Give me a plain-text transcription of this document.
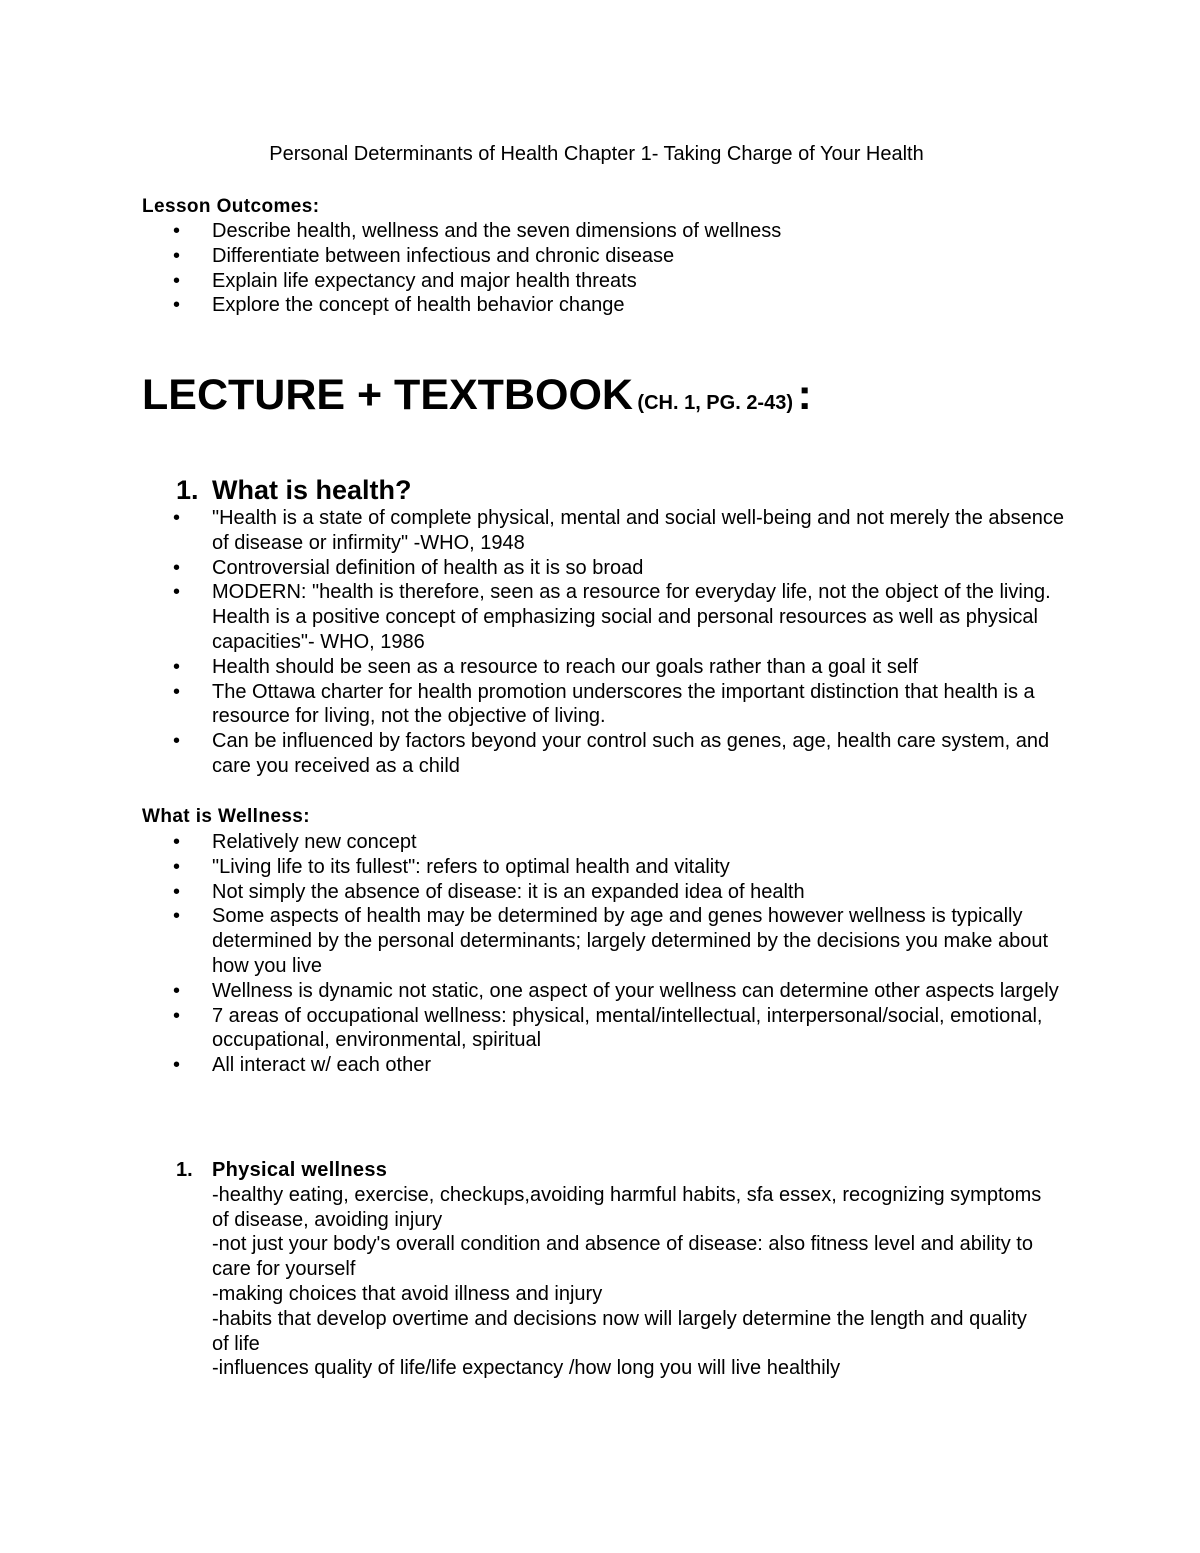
Personal Determinants of Health Chapter 1- Taking Charge of Your Health
Lesson Outcomes:
• Describe health, wellness and the seven dimensions of wellness
• Differentiate between infectious and chronic disease
• Explain life expectancy and major health threats
• Explore the concept of health behavior change
LECTURE + TEXTBOOK (CH. 1, PG. 2-43) :
1. What is health?
• "Health is a state of complete physical, mental and social well-being and not merely the absence of disease or infirmity" -WHO, 1948
• Controversial definition of health as it is so broad
• MODERN: "health is therefore, seen as a resource for everyday life, not the object of the living. Health is a positive concept of emphasizing social and personal resources as well as physical capacities"- WHO, 1986
• Health should be seen as a resource to reach our goals rather than a goal it self
• The Ottawa charter for health promotion underscores the important distinction that health is a resource for living, not the objective of living.
• Can be influenced by factors beyond your control such as genes, age, health care system, and care you received as a child
What is Wellness:
• Relatively new concept
• "Living life to its fullest": refers to optimal health and vitality
• Not simply the absence of disease: it is an expanded idea of health
• Some aspects of health may be determined by age and genes however wellness is typically determined by the personal determinants; largely determined by the decisions you make about how you live
• Wellness is dynamic not static, one aspect of your wellness can determine other aspects largely
• 7 areas of occupational wellness: physical, mental/intellectual, interpersonal/social, emotional, occupational, environmental, spiritual
• All interact w/ each other
1. Physical wellness
-healthy eating, exercise, checkups,avoiding harmful habits, sfa essex, recognizing symptoms of disease, avoiding injury
-not just your body's overall condition and absence of disease: also fitness level and ability to care for yourself
-making choices that avoid illness and injury
-habits that develop overtime and decisions now will largely determine the length and quality of life
-influences quality of life/life expectancy /how long you will live healthily
